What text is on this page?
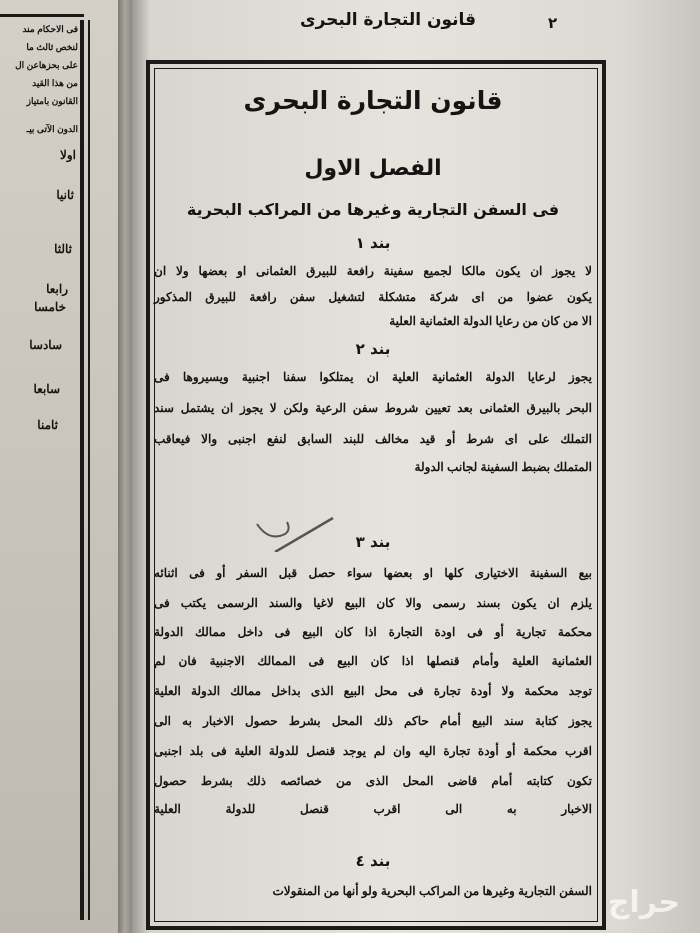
فى الاحكام مند
لنخص ثالث ما
على بحزهاعن ال
من هذا القيد
القانون بامتياز
الدون الآتى بيـ
اولا
ثانيا
ثالثا
رابعا
خامسا
سادسا
سابعا
ثامنا
قانون التجارة البحرى	٢
قانون التجارة البحرى
الفصل الاول
فى السفن التجارية وغيرها من المراكب البحرية
بند ١
لا يجوز ان يكون مالكا لجميع سفينة رافعة للبيرق العثمانى او بعضها ولا ان
يكون عضوا من اى شركة متشكلة لتشغيل سفن رافعة للبيرق المذكور
الا من كان من رعايا الدولة العثمانية العلية
بند ٢
يجوز لرعايا الدولة العثمانية العلية ان يمتلكوا سفنا اجنبية ويسيروها فى
البحر بالبيرق العثمانى بعد تعيين شروط سفن الرعية ولكن لا يجوز ان يشتمل سند
التملك على اى شرط أو قيد مخالف للبند السابق لنفع اجنبى والا فيعاقب
المتملك بضبط السفينة لجانب الدولة
بند ٣
بيع السفينة الاختيارى كلها او بعضها سواء حصل قبل السفر أو فى اثنائه
يلزم ان يكون بسند رسمى والا كان البيع لاغيا والسند الرسمى يكتب فى
محكمة تجارية أو فى اودة التجارة اذا كان البيع فى داخل ممالك الدولة
العثمانية العلية وأمام قنصلها اذا كان البيع فى الممالك الاجنبية فان لم
توجد محكمة ولا أودة تجارة فى محل البيع الذى بداخل ممالك الدولة العلية
يجوز كتابة سند البيع أمام حاكم ذلك المحل بشرط حصول الاخبار به الى
اقرب محكمة أو أودة تجارة اليه وان لم يوجد قنصل للدولة العلية فى بلد اجنبى
تكون كتابته أمام قاضى المحل الذى من خصائصه ذلك بشرط حصول
الاخبار به الى اقرب قنصل للدولة العلية
بند ٤
السفن التجارية وغيرها من المراكب البحرية ولو أنها من المنقولات حراج
